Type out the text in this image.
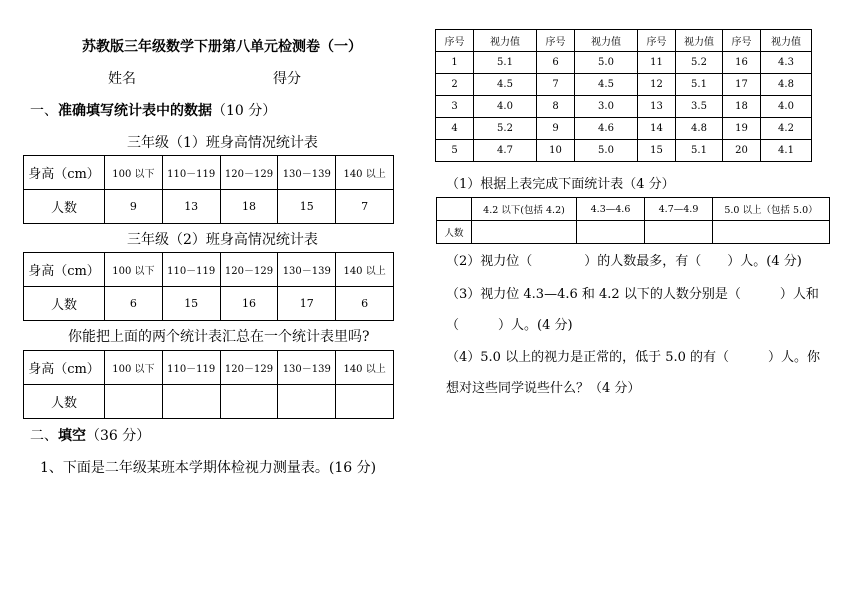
苏教版三年级数学下册第八单元检测卷（一）
姓名	得分
一、准确填写统计表中的数据（10 分）
三年级（1）班身高情况统计表
身高（cm）	100 以下	110－119	120－129	130－139	140 以上
人数	9	13	18	15	7
三年级（2）班身高情况统计表
身高（cm）	100 以下	110－119	120－129	130－139	140 以上
人数	6	15	16	17	6
你能把上面的两个统计表汇总在一个统计表里吗?
身高（cm）	100 以下	110－119	120－129	130－139	140 以上
人数					
二、填空（36 分）
1、下面是二年级某班本学期体检视力测量表。(16 分)
序号	视力值	序号	视力值	序号	视力值	序号	视力值
1	5.1	6	5.0	11	5.2	16	4.3
2	4.5	7	4.5	12	5.1	17	4.8
3	4.0	8	3.0	13	3.5	18	4.0
4	5.2	9	4.6	14	4.8	19	4.2
5	4.7	10	5.0	15	5.1	20	4.1
（1）根据上表完成下面统计表（4 分）
	4.2 以下(包括 4.2)	4.3—4.6	4.7—4.9	5.0 以上（包括 5.0）
人数				
（2）视力位（　　　　）的人数最多，有（　　）人。(4 分)
（3）视力位 4.3—4.6 和 4.2 以下的人数分别是（　　　）人和
（　　　）人。(4 分)
（4）5.0 以上的视力是正常的，低于 5.0 的有（　　　）人。你
想对这些同学说些什么？（4 分）
